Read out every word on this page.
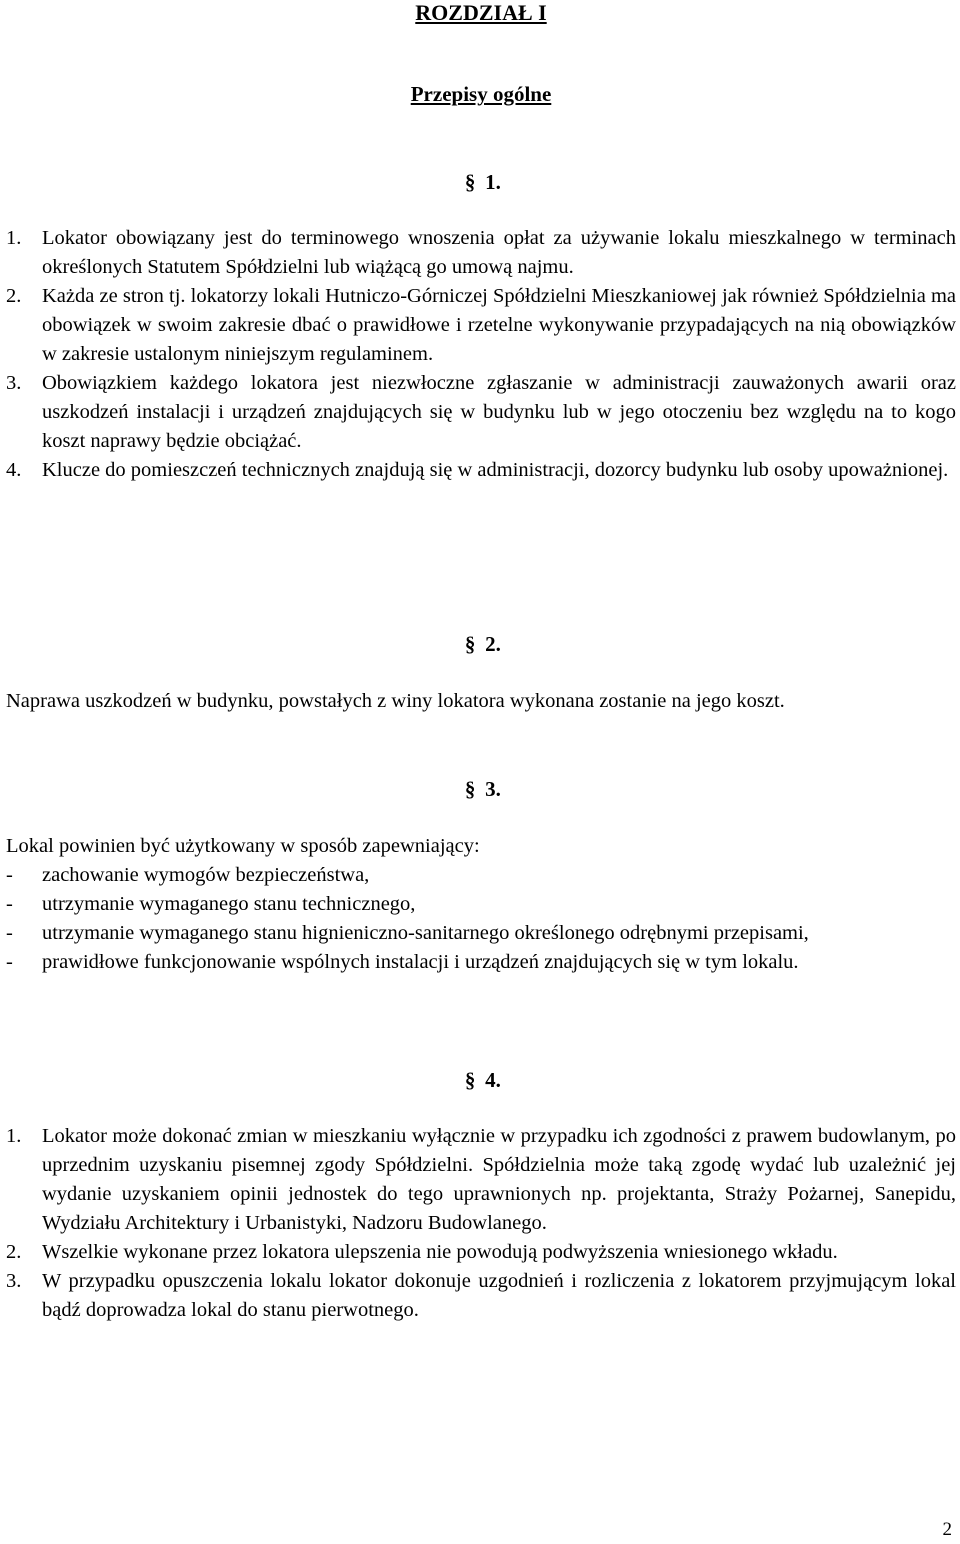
ROZDZIAŁ I
Przepisy ogólne
§ 1.
1. Lokator obowiązany jest do terminowego wnoszenia opłat za używanie lokalu mieszkalnego w terminach określonych Statutem Spółdzielni lub wiążącą go umową najmu.
2. Każda ze stron tj. lokatorzy lokali Hutniczo-Górniczej Spółdzielni Mieszkaniowej jak również Spółdzielnia ma obowiązek w swoim zakresie dbać o prawidłowe i rzetelne wykonywanie przypadających na nią obowiązków w zakresie ustalonym niniejszym regulaminem.
3. Obowiązkiem każdego lokatora jest niezwłoczne zgłaszanie w administracji zauważonych awarii oraz uszkodzeń instalacji i urządzeń znajdujących się w budynku lub w jego otoczeniu bez względu na to kogo koszt naprawy będzie obciążać.
4. Klucze do pomieszczeń technicznych znajdują się w administracji, dozorcy budynku lub osoby upoważnionej.
§ 2.
Naprawa uszkodzeń w budynku, powstałych z winy lokatora wykonana zostanie na jego koszt.
§ 3.
Lokal powinien być użytkowany w sposób zapewniający:
- zachowanie wymogów bezpieczeństwa,
- utrzymanie wymaganego stanu technicznego,
- utrzymanie wymaganego stanu hignieniczno-sanitarnego określonego odrębnymi przepisami,
- prawidłowe funkcjonowanie wspólnych instalacji i urządzeń znajdujących się w tym lokalu.
§ 4.
1. Lokator może dokonać zmian w mieszkaniu wyłącznie w przypadku ich zgodności z prawem budowlanym, po uprzednim uzyskaniu pisemnej zgody Spółdzielni. Spółdzielnia może taką zgodę wydać lub uzależnić jej wydanie uzyskaniem opinii jednostek do tego uprawnionych np. projektanta, Straży Pożarnej, Sanepidu, Wydziału Architektury i Urbanistyki, Nadzoru Budowlanego.
2. Wszelkie wykonane przez lokatora ulepszenia nie powodują podwyższenia wniesionego wkładu.
3. W przypadku opuszczenia lokalu lokator dokonuje uzgodnień i rozliczenia z lokatorem przyjmującym lokal bądź doprowadza lokal do stanu pierwotnego.
2
